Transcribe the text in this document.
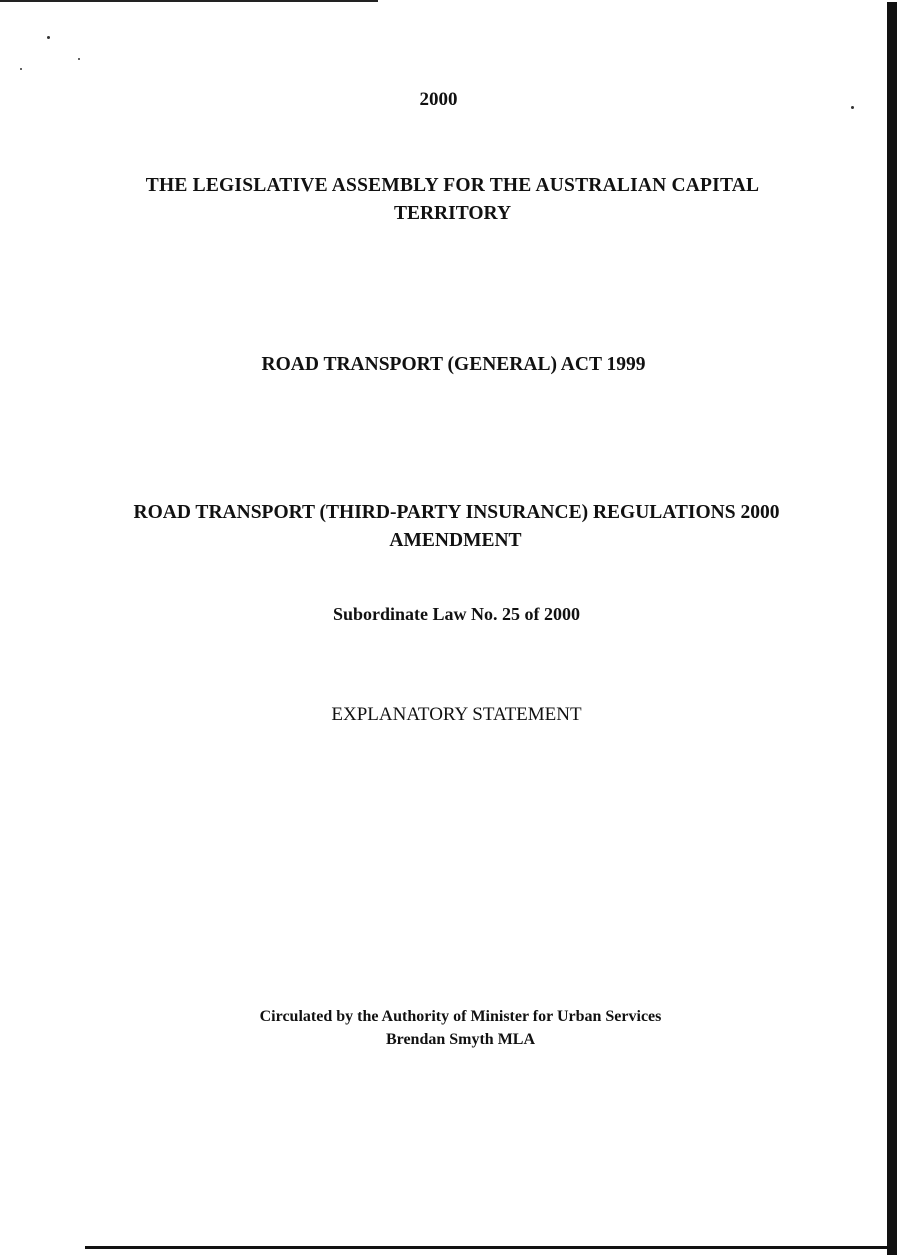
2000
THE LEGISLATIVE ASSEMBLY FOR THE AUSTRALIAN CAPITAL
TERRITORY
ROAD TRANSPORT (GENERAL) ACT 1999
ROAD TRANSPORT (THIRD-PARTY INSURANCE) REGULATIONS 2000
AMENDMENT
Subordinate Law No. 25 of 2000
EXPLANATORY STATEMENT
Circulated by the Authority of Minister for Urban Services
Brendan Smyth MLA
